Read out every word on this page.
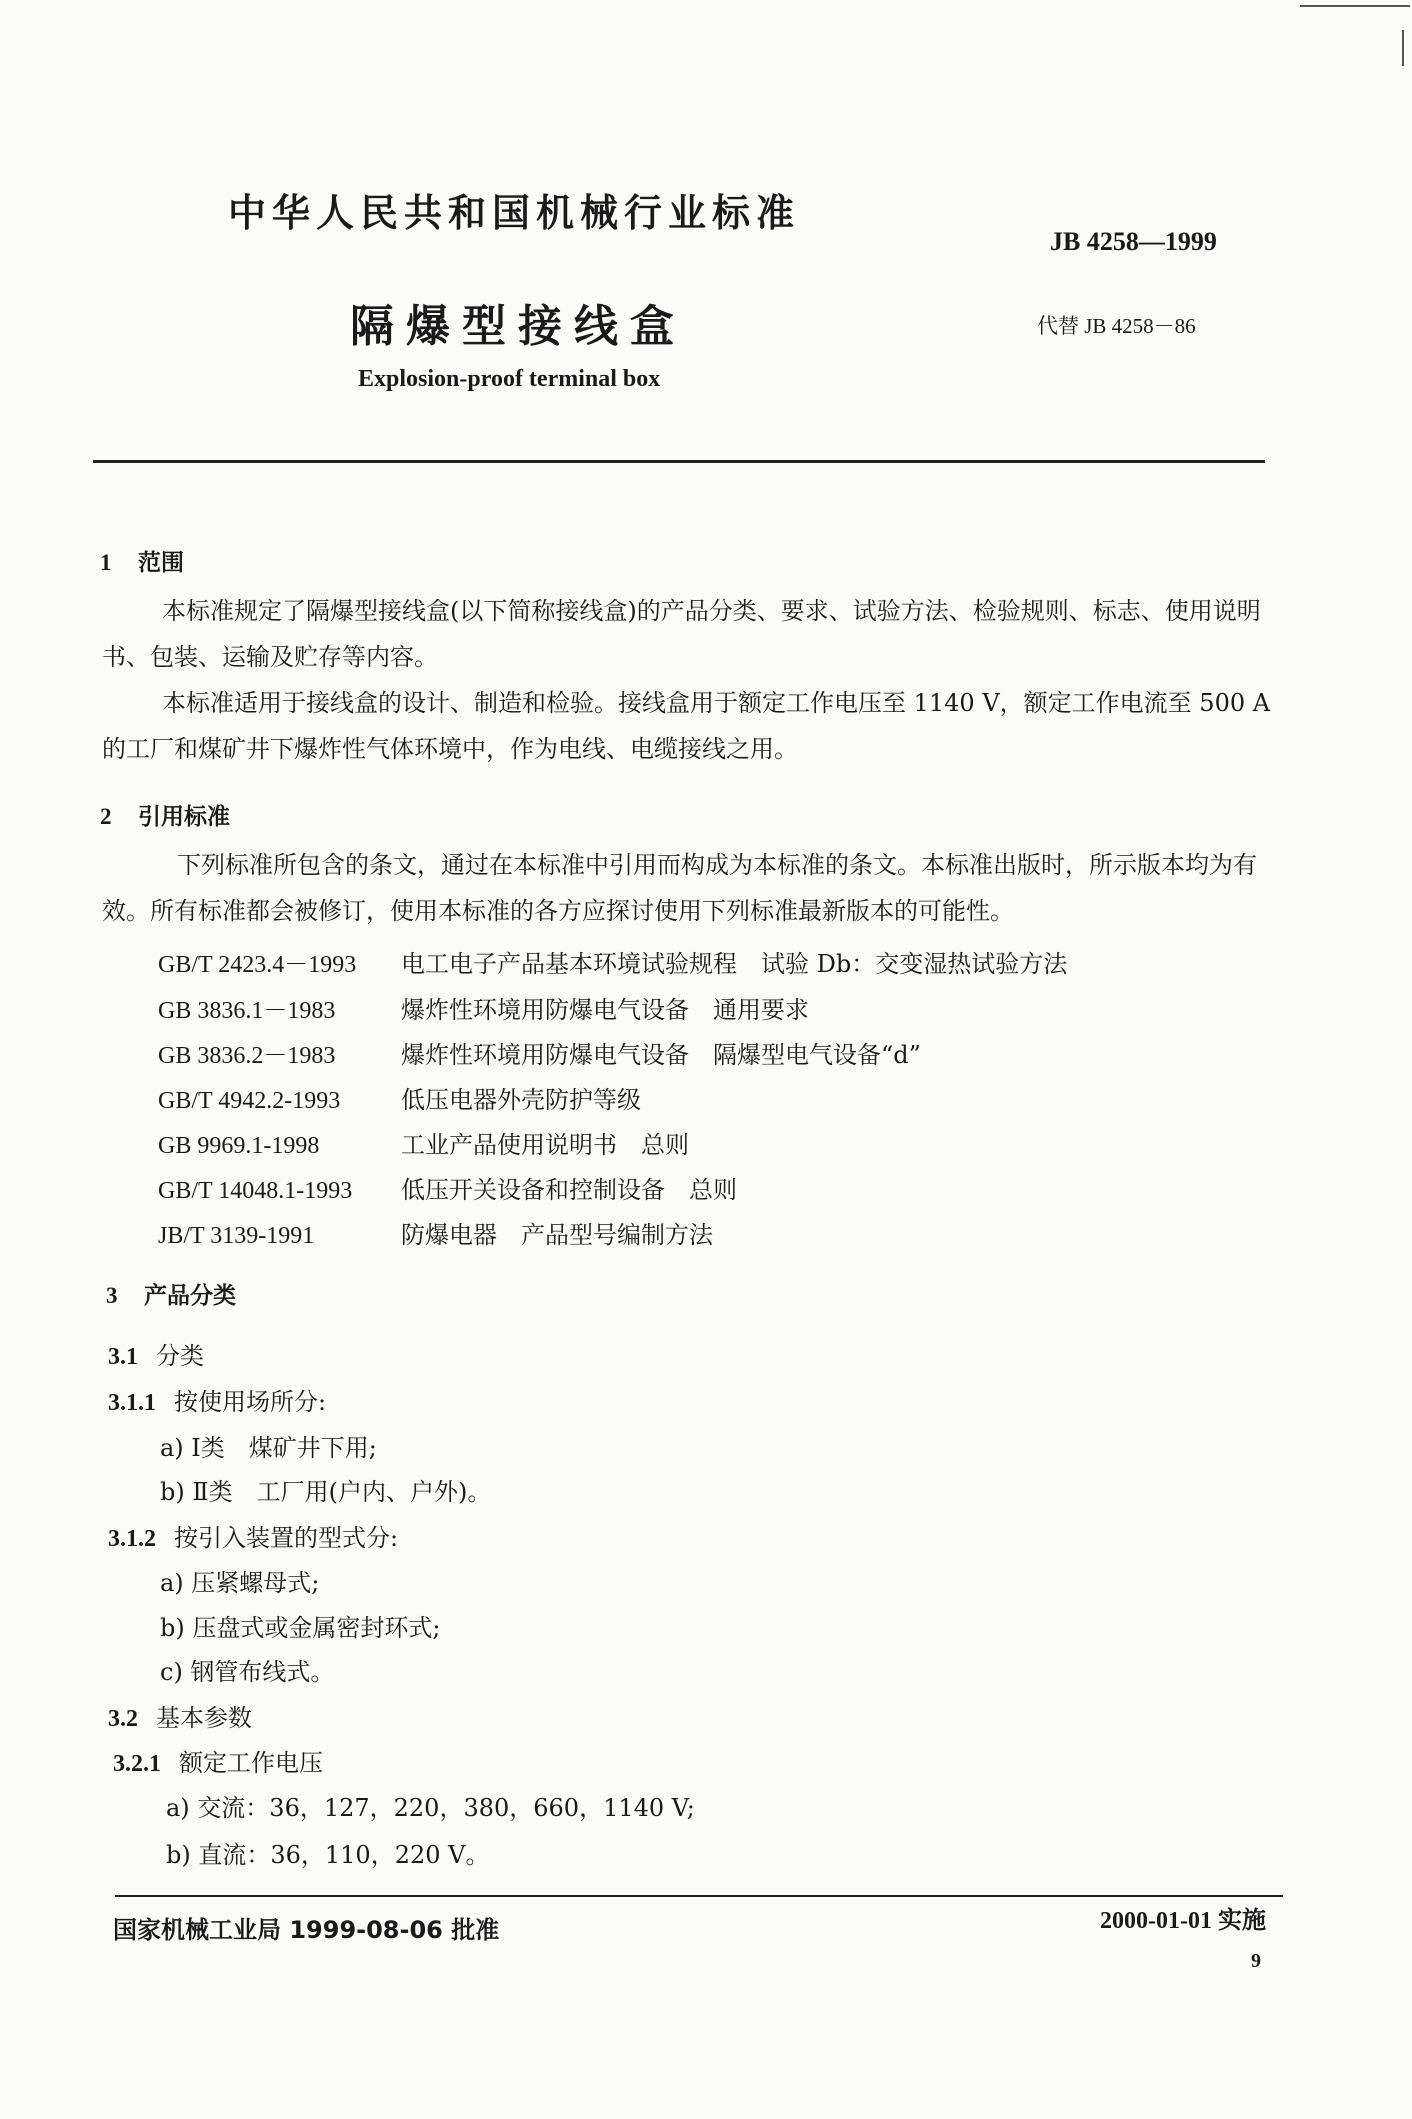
中华人民共和国机械行业标准
JB 4258—1999
隔爆型接线盒	代替 JB 4258－86
Explosion-proof terminal box
1 范围
本标准规定了隔爆型接线盒(以下简称接线盒)的产品分类、要求、试验方法、检验规则、标志、使用说明书、包装、运输及贮存等内容。
本标准适用于接线盒的设计、制造和检验。接线盒用于额定工作电压至 1140 V，额定工作电流至 500 A 的工厂和煤矿井下爆炸性气体环境中，作为电线、电缆接线之用。
2 引用标准
下列标准所包含的条文，通过在本标准中引用而构成为本标准的条文。本标准出版时，所示版本均为有效。所有标准都会被修订，使用本标准的各方应探讨使用下列标准最新版本的可能性。
GB/T 2423.4－1993 电工电子产品基本环境试验规程　试验 Db：交变湿热试验方法
GB 3836.1－1983	爆炸性环境用防爆电气设备　通用要求
GB 3836.2－1983	爆炸性环境用防爆电气设备　隔爆型电气设备“d”
GB/T 4942.2-1993	低压电器外壳防护等级
GB 9969.1-1998	工业产品使用说明书　总则
GB/T 14048.1-1993 低压开关设备和控制设备　总则
JB/T 3139-1991	防爆电器　产品型号编制方法
3 产品分类
3.1 分类
3.1.1 按使用场所分:
a) Ⅰ类　煤矿井下用;
b) Ⅱ类　工厂用(户内、户外)。
3.1.2 按引入装置的型式分:
a) 压紧螺母式;
b) 压盘式或金属密封环式;
c) 钢管布线式。
3.2 基本参数
3.2.1 额定工作电压
a) 交流：36，127，220，380，660，1140 V;
b) 直流：36，110，220 V。
国家机械工业局 1999-08-06 批准	2000-01-01 实施
9
